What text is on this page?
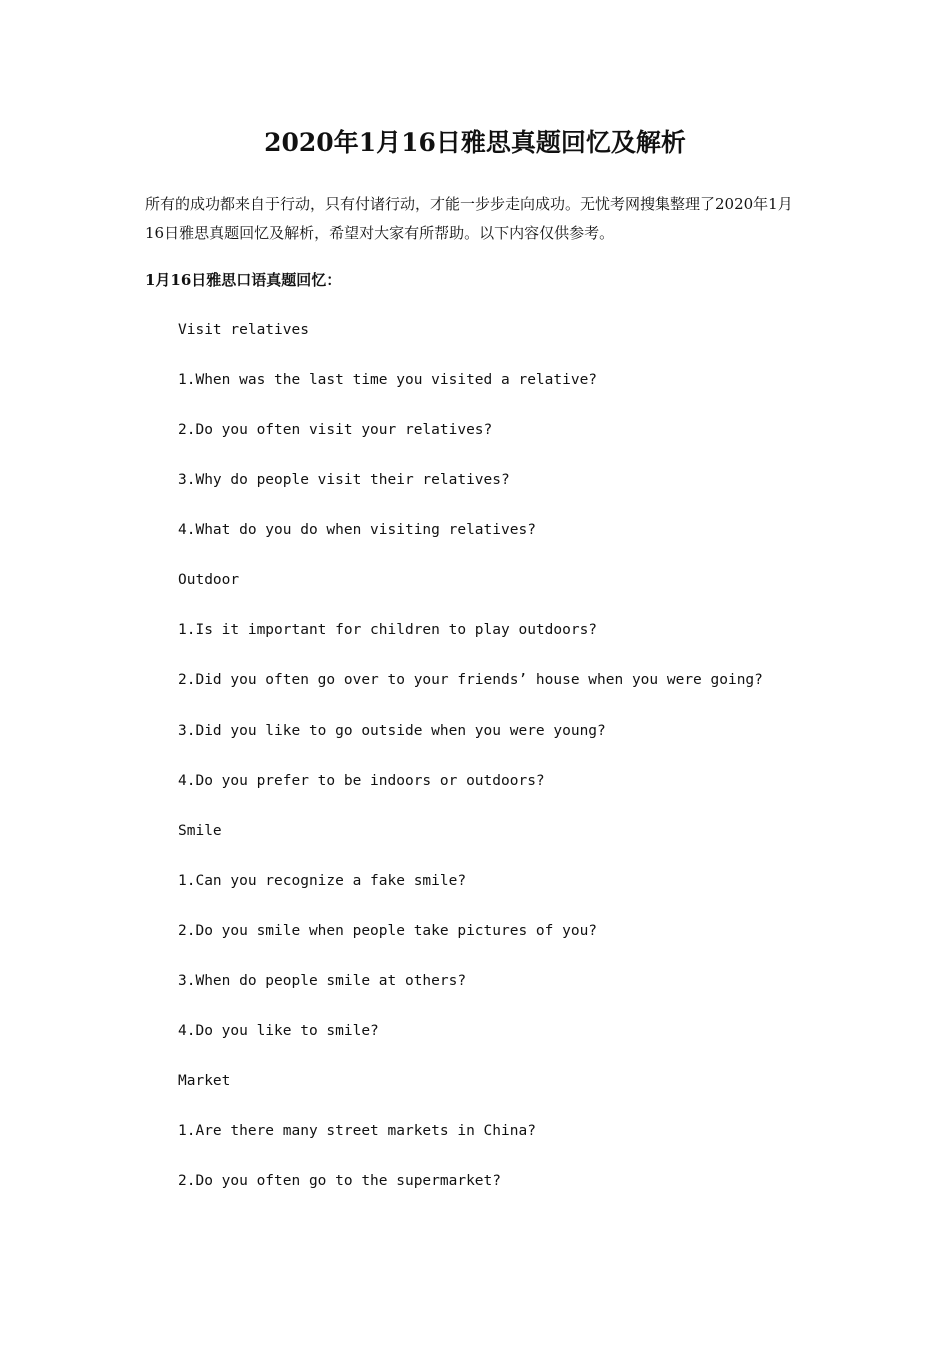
2020年1月16日雅思真题回忆及解析

所有的成功都来自于行动，只有付诸行动，才能一步步走向成功。无忧考网搜集整理了2020年1月16日雅思真题回忆及解析，希望对大家有所帮助。以下内容仅供参考。

1月16日雅思口语真题回忆：

Visit relatives
1.When was the last time you visited a relative?
2.Do you often visit your relatives?
3.Why do people visit their relatives?
4.What do you do when visiting relatives?
Outdoor
1.Is it important for children to play outdoors?
2.Did you often go over to your friends’ house when you were going?
3.Did you like to go outside when you were young?
4.Do you prefer to be indoors or outdoors?
Smile
1.Can you recognize a fake smile?
2.Do you smile when people take pictures of you?
3.When do people smile at others?
4.Do you like to smile?
Market
1.Are there many street markets in China?
2.Do you often go to the supermarket?
